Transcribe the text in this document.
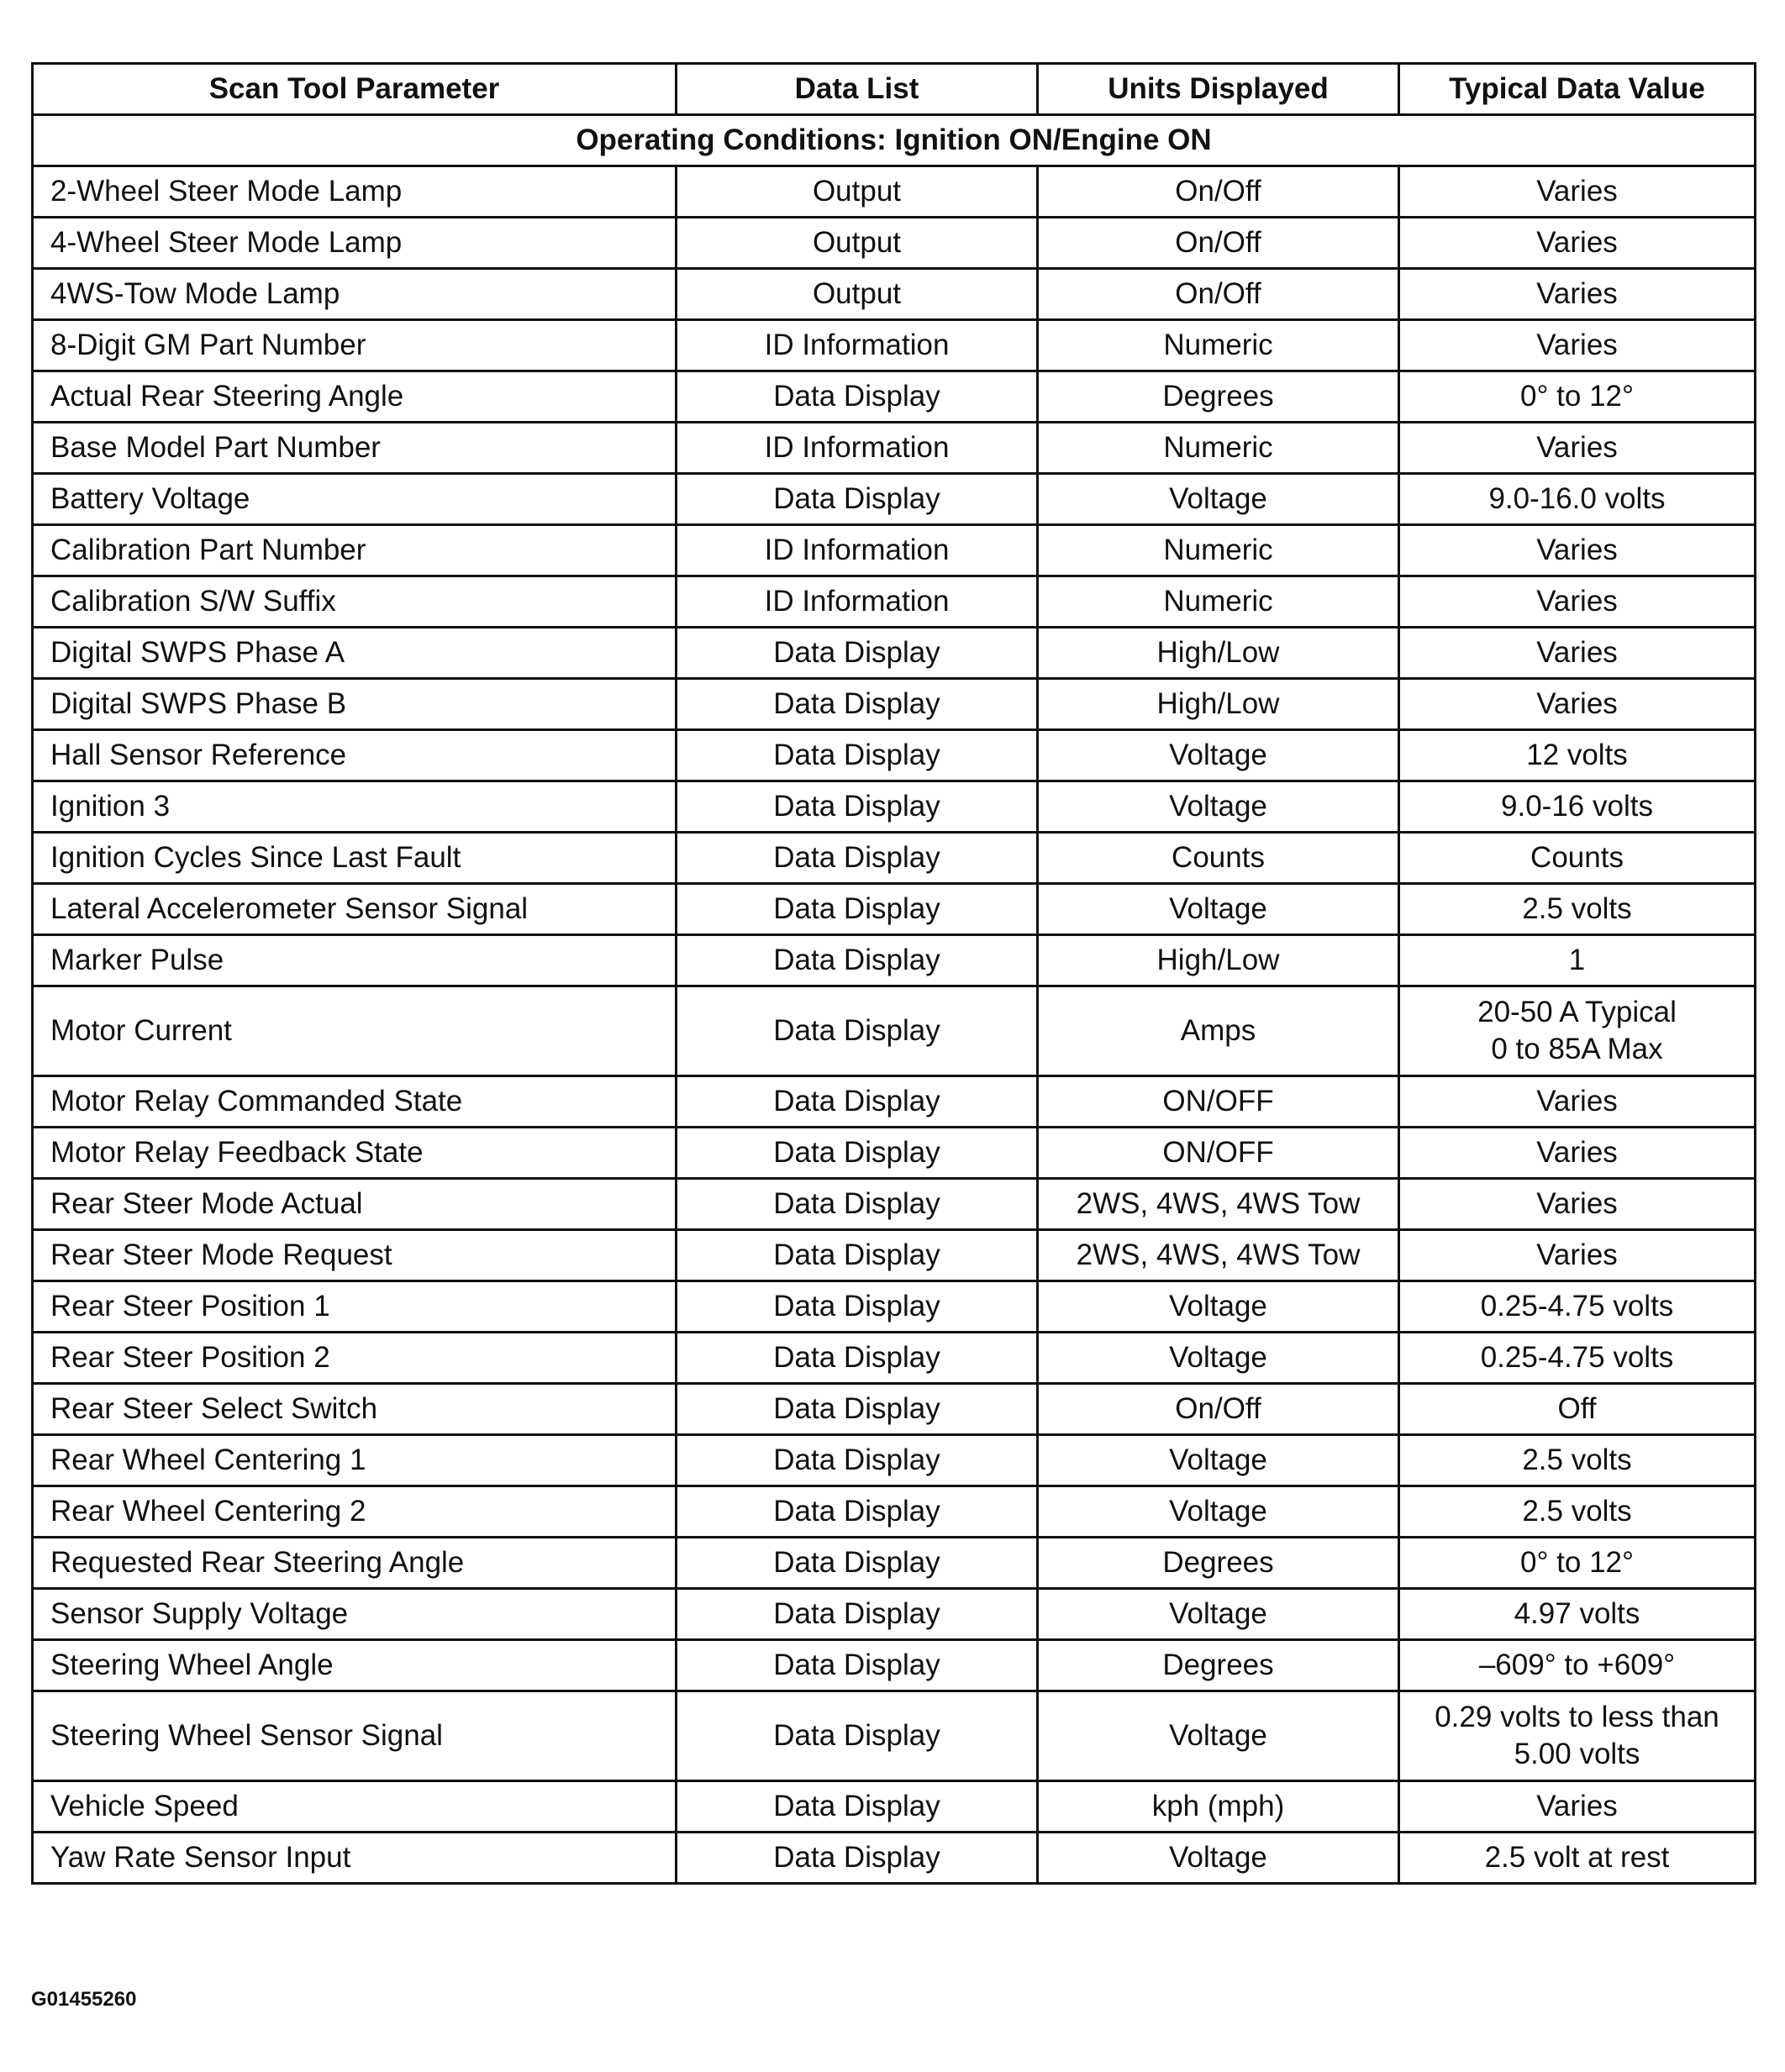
Scan Tool Parameter	Data List	Units Displayed	Typical Data Value
Operating Conditions: Ignition ON/Engine ON			
2-Wheel Steer Mode Lamp	Output	On/Off	Varies

4-Wheel Steer Mode Lamp	Output	On/Off	Varies

4WS-Tow Mode Lamp	Output	On/Off	Varies

8-Digit GM Part Number	ID Information	Numeric	Varies

Actual Rear Steering Angle	Data Display	Degrees	0° to 12°

Base Model Part Number	ID Information	Numeric	Varies

Battery Voltage	Data Display	Voltage	9.0-16.0 volts

Calibration Part Number	ID Information	Numeric	Varies

Calibration S/W Suffix	ID Information	Numeric	Varies

Digital SWPS Phase A	Data Display	High/Low	Varies

Digital SWPS Phase B	Data Display	High/Low	Varies

Hall Sensor Reference	Data Display	Voltage	12 volts

Ignition 3	Data Display	Voltage	9.0-16 volts

Ignition Cycles Since Last Fault	Data Display	Counts	Counts

Lateral Accelerometer Sensor Signal	Data Display	Voltage	2.5 volts

Marker Pulse	Data Display	High/Low	1

Motor Current	Data Display	Amps	20-50 A Typical
0 to 85A Max

Motor Relay Commanded State	Data Display	ON/OFF	Varies

Motor Relay Feedback State	Data Display	ON/OFF	Varies

Rear Steer Mode Actual	Data Display	2WS, 4WS, 4WS Tow	Varies

Rear Steer Mode Request	Data Display	2WS, 4WS, 4WS Tow	Varies

Rear Steer Position 1	Data Display	Voltage	0.25-4.75 volts

Rear Steer Position 2	Data Display	Voltage	0.25-4.75 volts

Rear Steer Select Switch	Data Display	On/Off	Off

Rear Wheel Centering 1	Data Display	Voltage	2.5 volts

Rear Wheel Centering 2	Data Display	Voltage	2.5 volts

Requested Rear Steering Angle	Data Display	Degrees	0° to 12°

Sensor Supply Voltage	Data Display	Voltage	4.97 volts

Steering Wheel Angle	Data Display	Degrees	–609° to +609°

Steering Wheel Sensor Signal	Data Display	Voltage	0.29 volts to less than
5.00 volts

Vehicle Speed	Data Display	kph (mph)	Varies

Yaw Rate Sensor Input	Data Display	Voltage	2.5 volt at rest
G01455260
